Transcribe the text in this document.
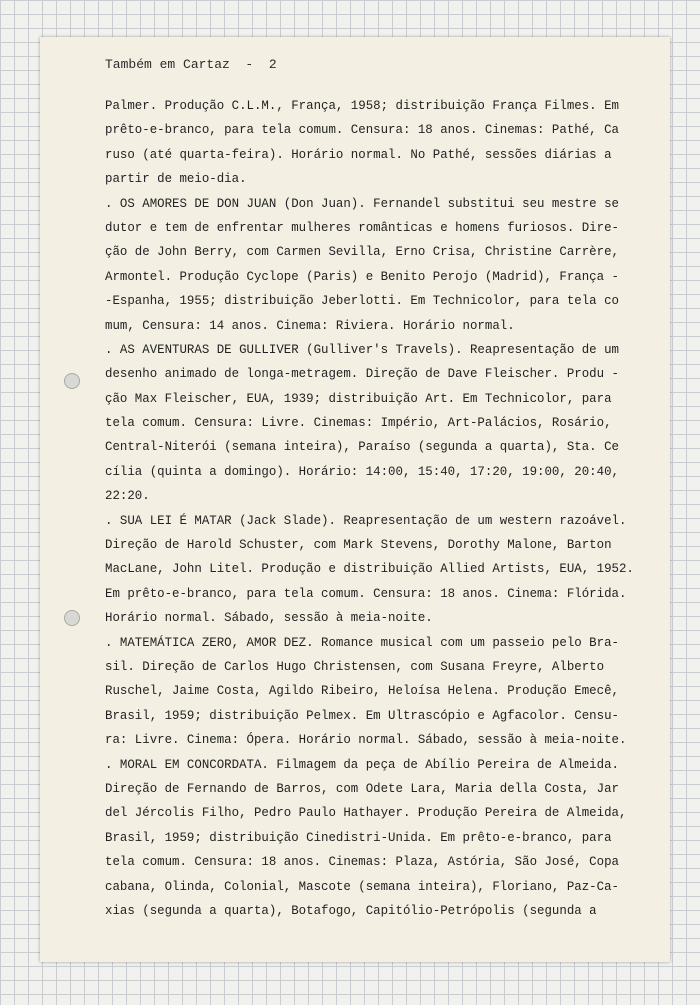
Também em Cartaz  -  2
Palmer. Produção C.L.M., França, 1958; distribuição França Filmes. Em
prêto-e-branco, para tela comum. Censura: 18 anos. Cinemas: Pathé, Ca
ruso (até quarta-feira). Horário normal. No Pathé, sessões diárias a
partir de meio-dia.
. OS AMORES DE DON JUAN (Don Juan). Fernandel substitui seu mestre se
dutor e tem de enfrentar mulheres românticas e homens furiosos. Dire-
ção de John Berry, com Carmen Sevilla, Erno Crisa, Christine Carrère,
Armontel. Produção Cyclope (Paris) e Benito Perojo (Madrid), França -
-Espanha, 1955; distribuição Jeberlotti. Em Technicolor, para tela co
mum, Censura: 14 anos. Cinema: Riviera. Horário normal.
. AS AVENTURAS DE GULLIVER (Gulliver's Travels). Reapresentação de um
desenho animado de longa-metragem. Direção de Dave Fleischer. Produ -
ção Max Fleischer, EUA, 1939; distribuição Art. Em Technicolor, para
tela comum. Censura: Livre. Cinemas: Império, Art-Palácios, Rosário,
Central-Niterói (semana inteira), Paraíso (segunda a quarta), Sta. Ce
cília (quinta a domingo). Horário: 14:00, 15:40, 17:20, 19:00, 20:40,
22:20.
. SUA LEI É MATAR (Jack Slade). Reapresentação de um western razoável.
Direção de Harold Schuster, com Mark Stevens, Dorothy Malone, Barton
MacLane, John Litel. Produção e distribuição Allied Artists, EUA, 1952.
Em prêto-e-branco, para tela comum. Censura: 18 anos. Cinema: Flórida.
Horário normal. Sábado, sessão à meia-noite.
. MATEMÁTICA ZERO, AMOR DEZ. Romance musical com um passeio pelo Bra-
sil. Direção de Carlos Hugo Christensen, com Susana Freyre, Alberto
Ruschel, Jaime Costa, Agildo Ribeiro, Heloísa Helena. Produção Emecê,
Brasil, 1959; distribuição Pelmex. Em Ultrascópio e Agfacolor. Censu-
ra: Livre. Cinema: Ópera. Horário normal. Sábado, sessão à meia-noite.
. MORAL EM CONCORDATA. Filmagem da peça de Abílio Pereira de Almeida.
Direção de Fernando de Barros, com Odete Lara, Maria della Costa, Jar
del Jércolis Filho, Pedro Paulo Hathayer. Produção Pereira de Almeida,
Brasil, 1959; distribuição Cinedistri-Unida. Em prêto-e-branco, para
tela comum. Censura: 18 anos. Cinemas: Plaza, Astória, São José, Copa
cabana, Olinda, Colonial, Mascote (semana inteira), Floriano, Paz-Ca-
xias (segunda a quarta), Botafogo, Capitólio-Petrópolis (segunda a
